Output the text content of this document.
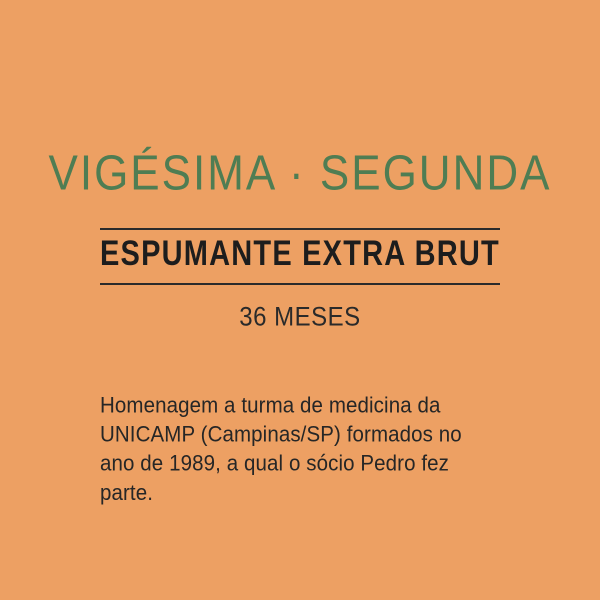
VIGÉSIMA · SEGUNDA
ESPUMANTE EXTRA BRUT
36 MESES
Homenagem a turma de medicina da UNICAMP (Campinas/SP) formados no ano de 1989, a qual o sócio Pedro fez parte.
